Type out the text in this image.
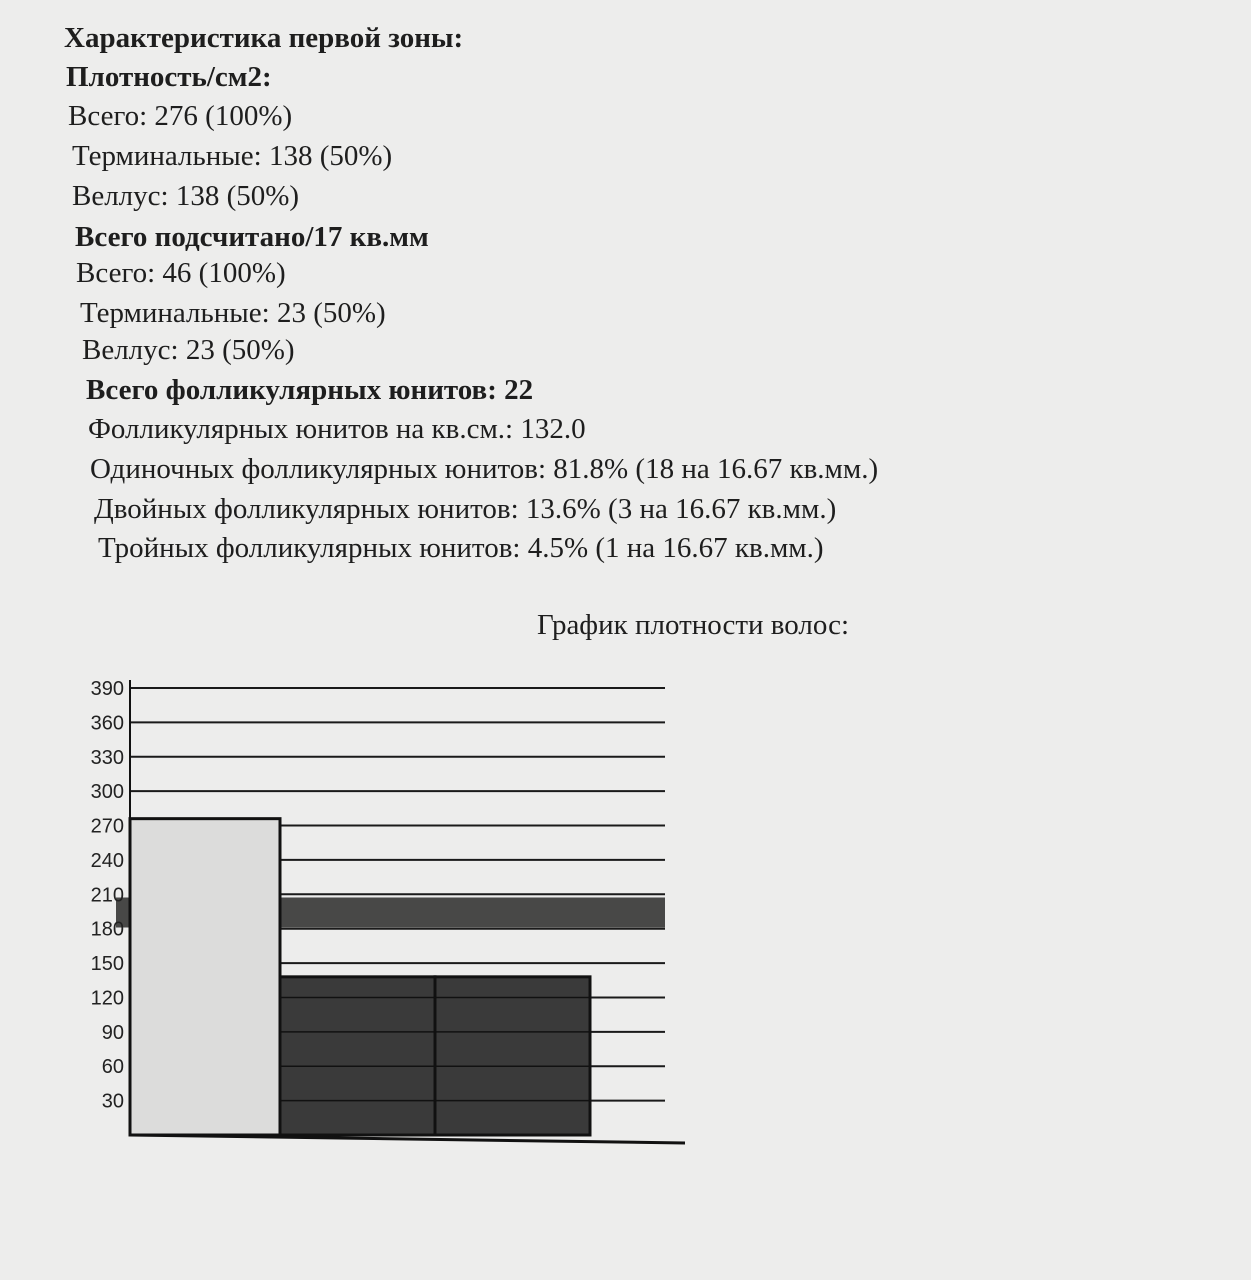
Характеристика первой зоны:
Плотность/см2:
Всего: 276 (100%)
Терминальные: 138 (50%)
Веллус: 138 (50%)
Всего подсчитано/17 кв.мм
Всего: 46 (100%)
Терминальные: 23 (50%)
Веллус: 23 (50%)
Всего фолликулярных юнитов: 22
Фолликулярных юнитов на кв.см.: 132.0
Одиночных фолликулярных юнитов: 81.8% (18 на 16.67 кв.мм.)
Двойных фолликулярных юнитов: 13.6% (3 на 16.67 кв.мм.)
Тройных фолликулярных юнитов: 4.5% (1 на 16.67 кв.мм.)
График плотности волос:
30
60
90
120
150
180
210
240
270
300
330
360
390
